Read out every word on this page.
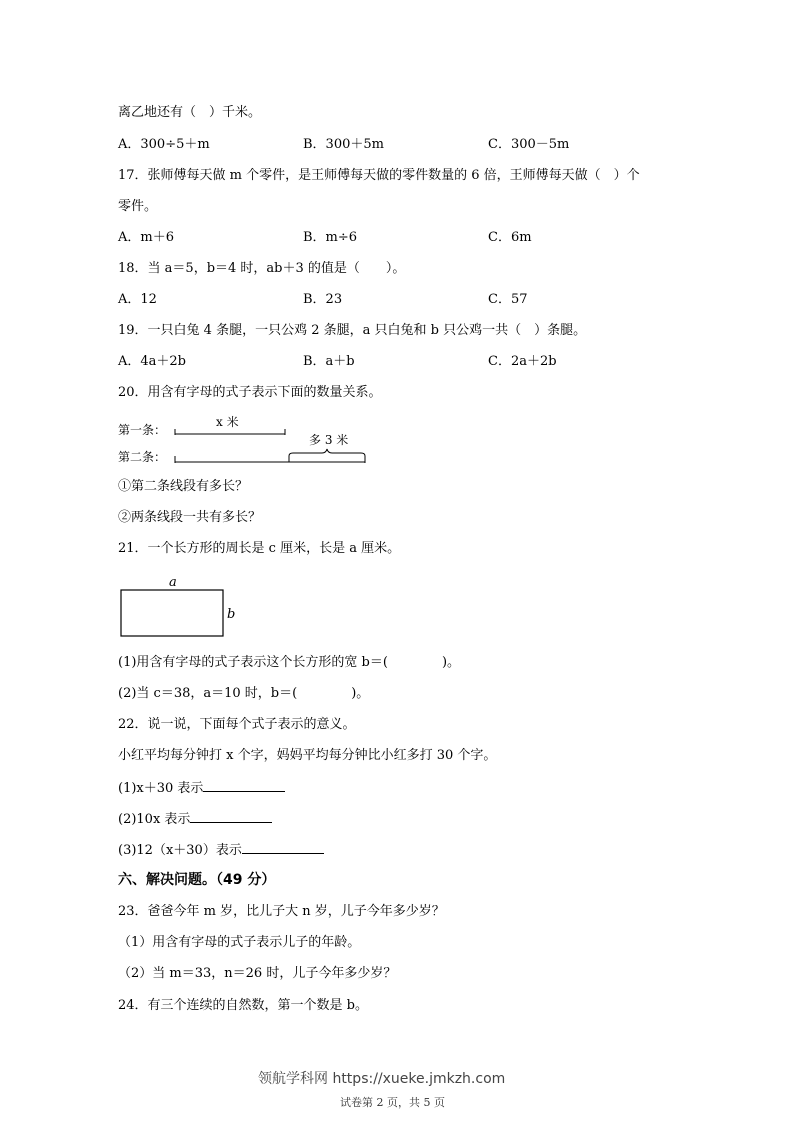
离乙地还有（　）千米。
A．300÷5＋m	B．300＋5m	C．300－5m
17．张师傅每天做 m 个零件，是王师傅每天做的零件数量的 6 倍，王师傅每天做（　）个
零件。
A．m＋6	B．m÷6	C．6m
18．当 a＝5，b＝4 时，ab＋3 的值是（　　）。
A．12	B．23	C．57
19．一只白兔 4 条腿，一只公鸡 2 条腿，a 只白兔和 b 只公鸡一共（　）条腿。
A．4a＋2b	B．a＋b	C．2a＋2b
20．用含有字母的式子表示下面的数量关系。
第一条：
第二条：
x 米
多 3 米
①第二条线段有多长？
②两条线段一共有多长？
21．一个长方形的周长是 c 厘米，长是 a 厘米。
a
b
(1)用含有字母的式子表示这个长方形的宽 b＝(	)。
(2)当 c＝38，a＝10 时，b＝(	)。
22．说一说，下面每个式子表示的意义。
小红平均每分钟打 x 个字，妈妈平均每分钟比小红多打 30 个字。
(1)x＋30 表示
(2)10x 表示
(3)12（x＋30）表示
六、解决问题。（49 分）
23．爸爸今年 m 岁，比儿子大 n 岁，儿子今年多少岁？
（1）用含有字母的式子表示儿子的年龄。
（2）当 m＝33，n＝26 时，儿子今年多少岁？
24．有三个连续的自然数，第一个数是 b。
领航学科网 https://xueke.jmkzh.com
试卷第 2 页，共 5 页
